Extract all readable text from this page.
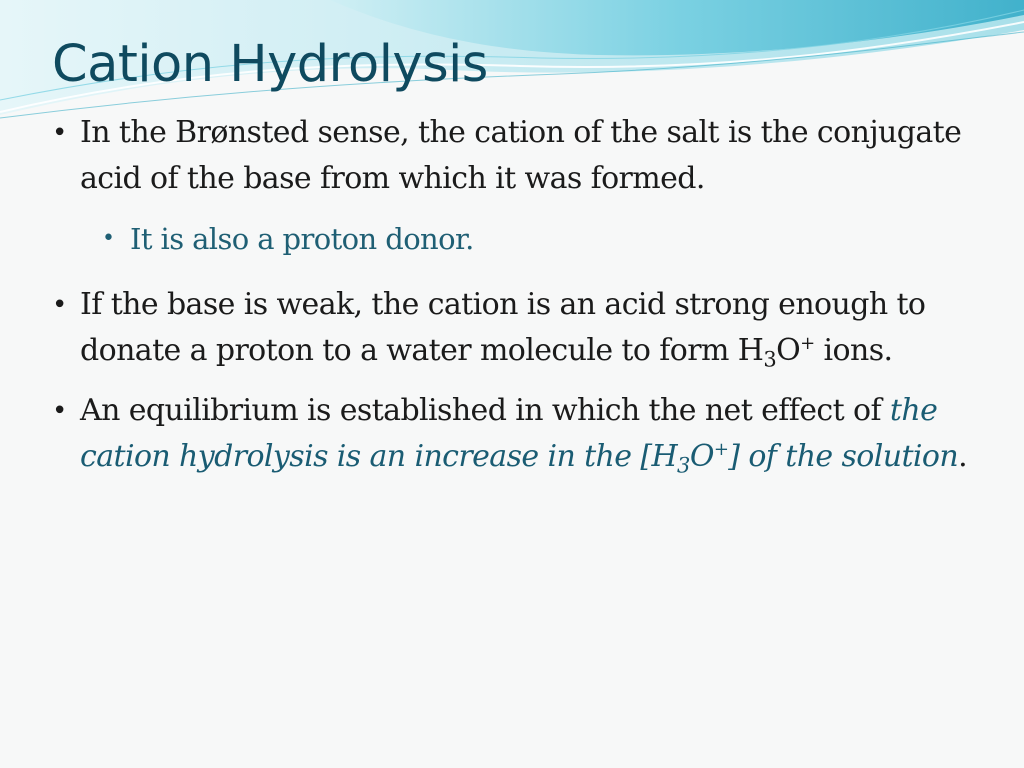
Cation Hydrolysis
• In the Brønsted sense, the cation of the salt is the conjugate acid of the base from which it was formed.
• It is also a proton donor.
• If the base is weak, the cation is an acid strong enough to donate a proton to a water molecule to form $H_3O^+$ ions.
• An equilibrium is established in which the net effect of the cation hydrolysis is an increase in the $[H_3O^+]$ of the solution.
